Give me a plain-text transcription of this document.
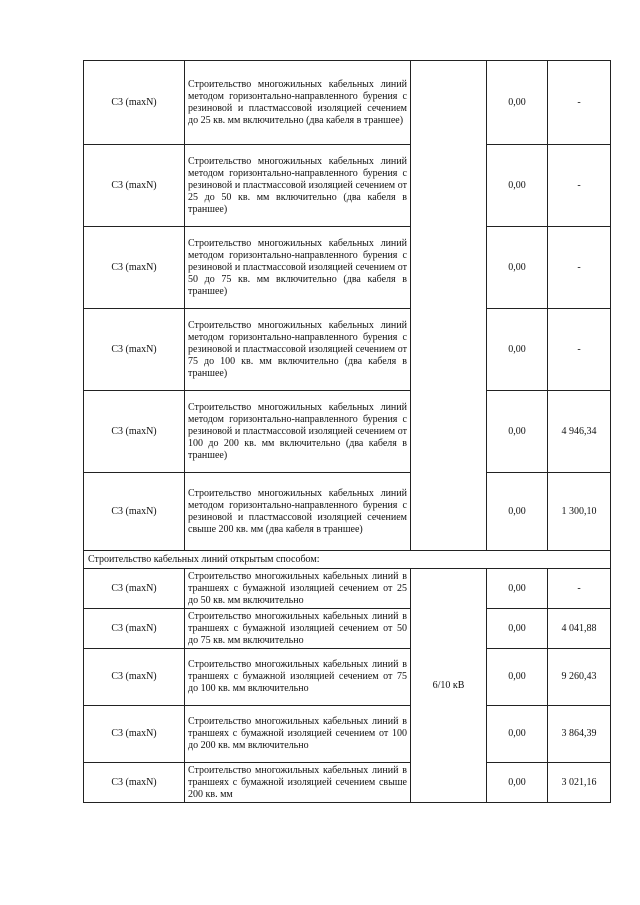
С3 (maxN)	Строительство многожильных кабельных линий методом горизонтально-направленного бурения с резиновой и пластмассовой изоляцией сечением до 25 кв. мм включительно (два кабеля в траншее)		0,00	-
С3 (maxN)	Строительство многожильных кабельных линий методом горизонтально-направленного бурения с резиновой и пластмассовой изоляцией сечением от 25 до 50 кв. мм включительно (два кабеля в траншее)		0,00	-
С3 (maxN)	Строительство многожильных кабельных линий методом горизонтально-направленного бурения с резиновой и пластмассовой изоляцией сечением от 50 до 75 кв. мм включительно (два кабеля в траншее)		0,00	-
С3 (maxN)	Строительство многожильных кабельных линий методом горизонтально-направленного бурения с резиновой и пластмассовой изоляцией сечением от 75 до 100 кв. мм включительно (два кабеля в траншее)		0,00	-
С3 (maxN)	Строительство многожильных кабельных линий методом горизонтально-направленного бурения с резиновой и пластмассовой изоляцией сечением от 100 до 200 кв. мм включительно (два кабеля в траншее)		0,00	4 946,34
С3 (maxN)	Строительство многожильных кабельных линий методом горизонтально-направленного бурения с резиновой и пластмассовой изоляцией сечением свыше 200 кв. мм (два кабеля в траншее)		0,00	1 300,10
Строительство кабельных линий открытым способом:				
С3 (maxN)	Строительство многожильных кабельных линий в траншеях с бумажной изоляцией сечением от 25 до 50 кв. мм включительно	6/10 кВ	0,00	-
С3 (maxN)	Строительство многожильных кабельных линий в траншеях с бумажной изоляцией сечением от 50 до 75 кв. мм включительно		0,00	4 041,88
С3 (maxN)	Строительство многожильных кабельных линий в траншеях с бумажной изоляцией сечением от 75 до 100 кв. мм включительно		0,00	9 260,43
С3 (maxN)	Строительство многожильных кабельных линий в траншеях с бумажной изоляцией сечением от 100 до 200 кв. мм включительно		0,00	3 864,39
С3 (maxN)	Строительство многожильных кабельных линий в траншеях с бумажной изоляцией сечением свыше 200 кв. мм		0,00	3 021,16
